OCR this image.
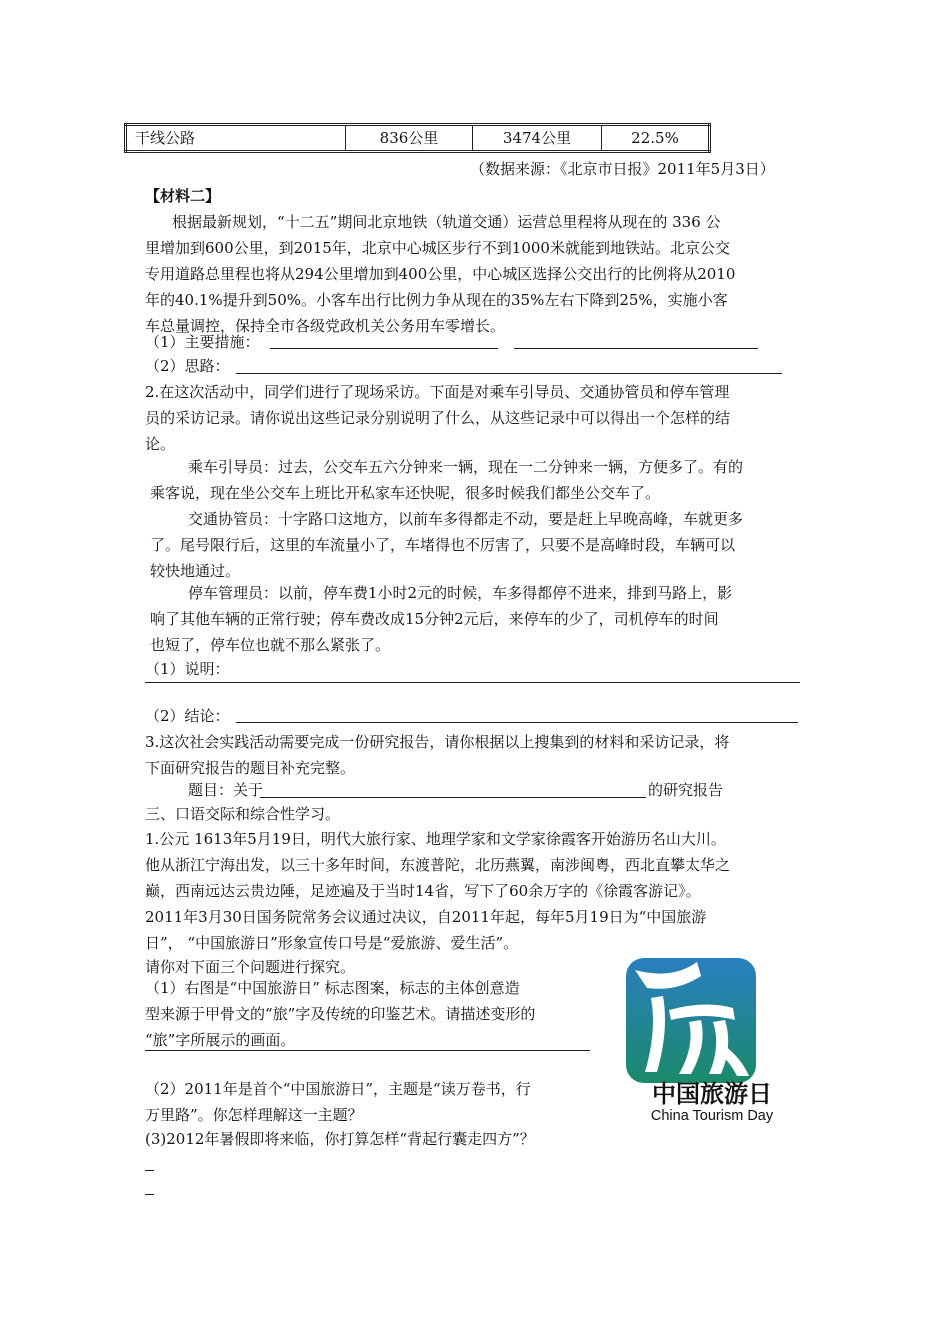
干线公路	836公里	3474公里	22.5%
（数据来源：《北京市日报》2011年5月3日）
【材料二】
根据最新规划，“十二五”期间北京地铁（轨道交通）运营总里程将从现在的 336 公
里增加到600公里，到2015年，北京中心城区步行不到1000米就能到地铁站。北京公交
专用道路总里程也将从294公里增加到400公里，中心城区选择公交出行的比例将从2010
年的40.1%提升到50%。小客车出行比例力争从现在的35%左右下降到25%，实施小客
车总量调控，保持全市各级党政机关公务用车零增长。
（1）主要措施：
（2）思路：
2.在这次活动中，同学们进行了现场采访。下面是对乘车引导员、交通协管员和停车管理
员的采访记录。请你说出这些记录分别说明了什么，从这些记录中可以得出一个怎样的结
论。
乘车引导员：过去，公交车五六分钟来一辆，现在一二分钟来一辆，方便多了。有的
乘客说，现在坐公交车上班比开私家车还快呢，很多时候我们都坐公交车了。
交通协管员：十字路口这地方，以前车多得都走不动，要是赶上早晚高峰，车就更多
了。尾号限行后，这里的车流量小了，车堵得也不厉害了，只要不是高峰时段，车辆可以
较快地通过。
停车管理员：以前，停车费1小时2元的时候，车多得都停不进来，排到马路上，影
响了其他车辆的正常行驶；停车费改成15分钟2元后，来停车的少了，司机停车的时间
也短了，停车位也就不那么紧张了。
（1）说明：
（2）结论：
3.这次社会实践活动需要完成一份研究报告，请你根据以上搜集到的材料和采访记录，将
下面研究报告的题目补充完整。
题目：关于	的研究报告
三、口语交际和综合性学习。
1.公元 1613年5月19日，明代大旅行家、地理学家和文学家徐霞客开始游历名山大川。
他从浙江宁海出发，以三十多年时间，东渡普陀，北历燕翼，南涉闽粤，西北直攀太华之
巅，西南远达云贵边陲，足迹遍及于当时14省，写下了60余万字的《徐霞客游记》。
2011年3月30日国务院常务会议通过决议，自2011年起，每年5月19日为“中国旅游
日”， “中国旅游日”形象宣传口号是“爱旅游、爱生活”。
请你对下面三个问题进行探究。
（1）右图是“中国旅游日” 标志图案，标志的主体创意造
型来源于甲骨文的“旅”字及传统的印鉴艺术。请描述变形的
“旅”字所展示的画面。
（2）2011年是首个“中国旅游日”，主题是“读万卷书，行
万里路”。你怎样理解这一主题？
(3)2012年暑假即将来临，你打算怎样“背起行囊走四方”？
中国旅游日
China Tourism Day
